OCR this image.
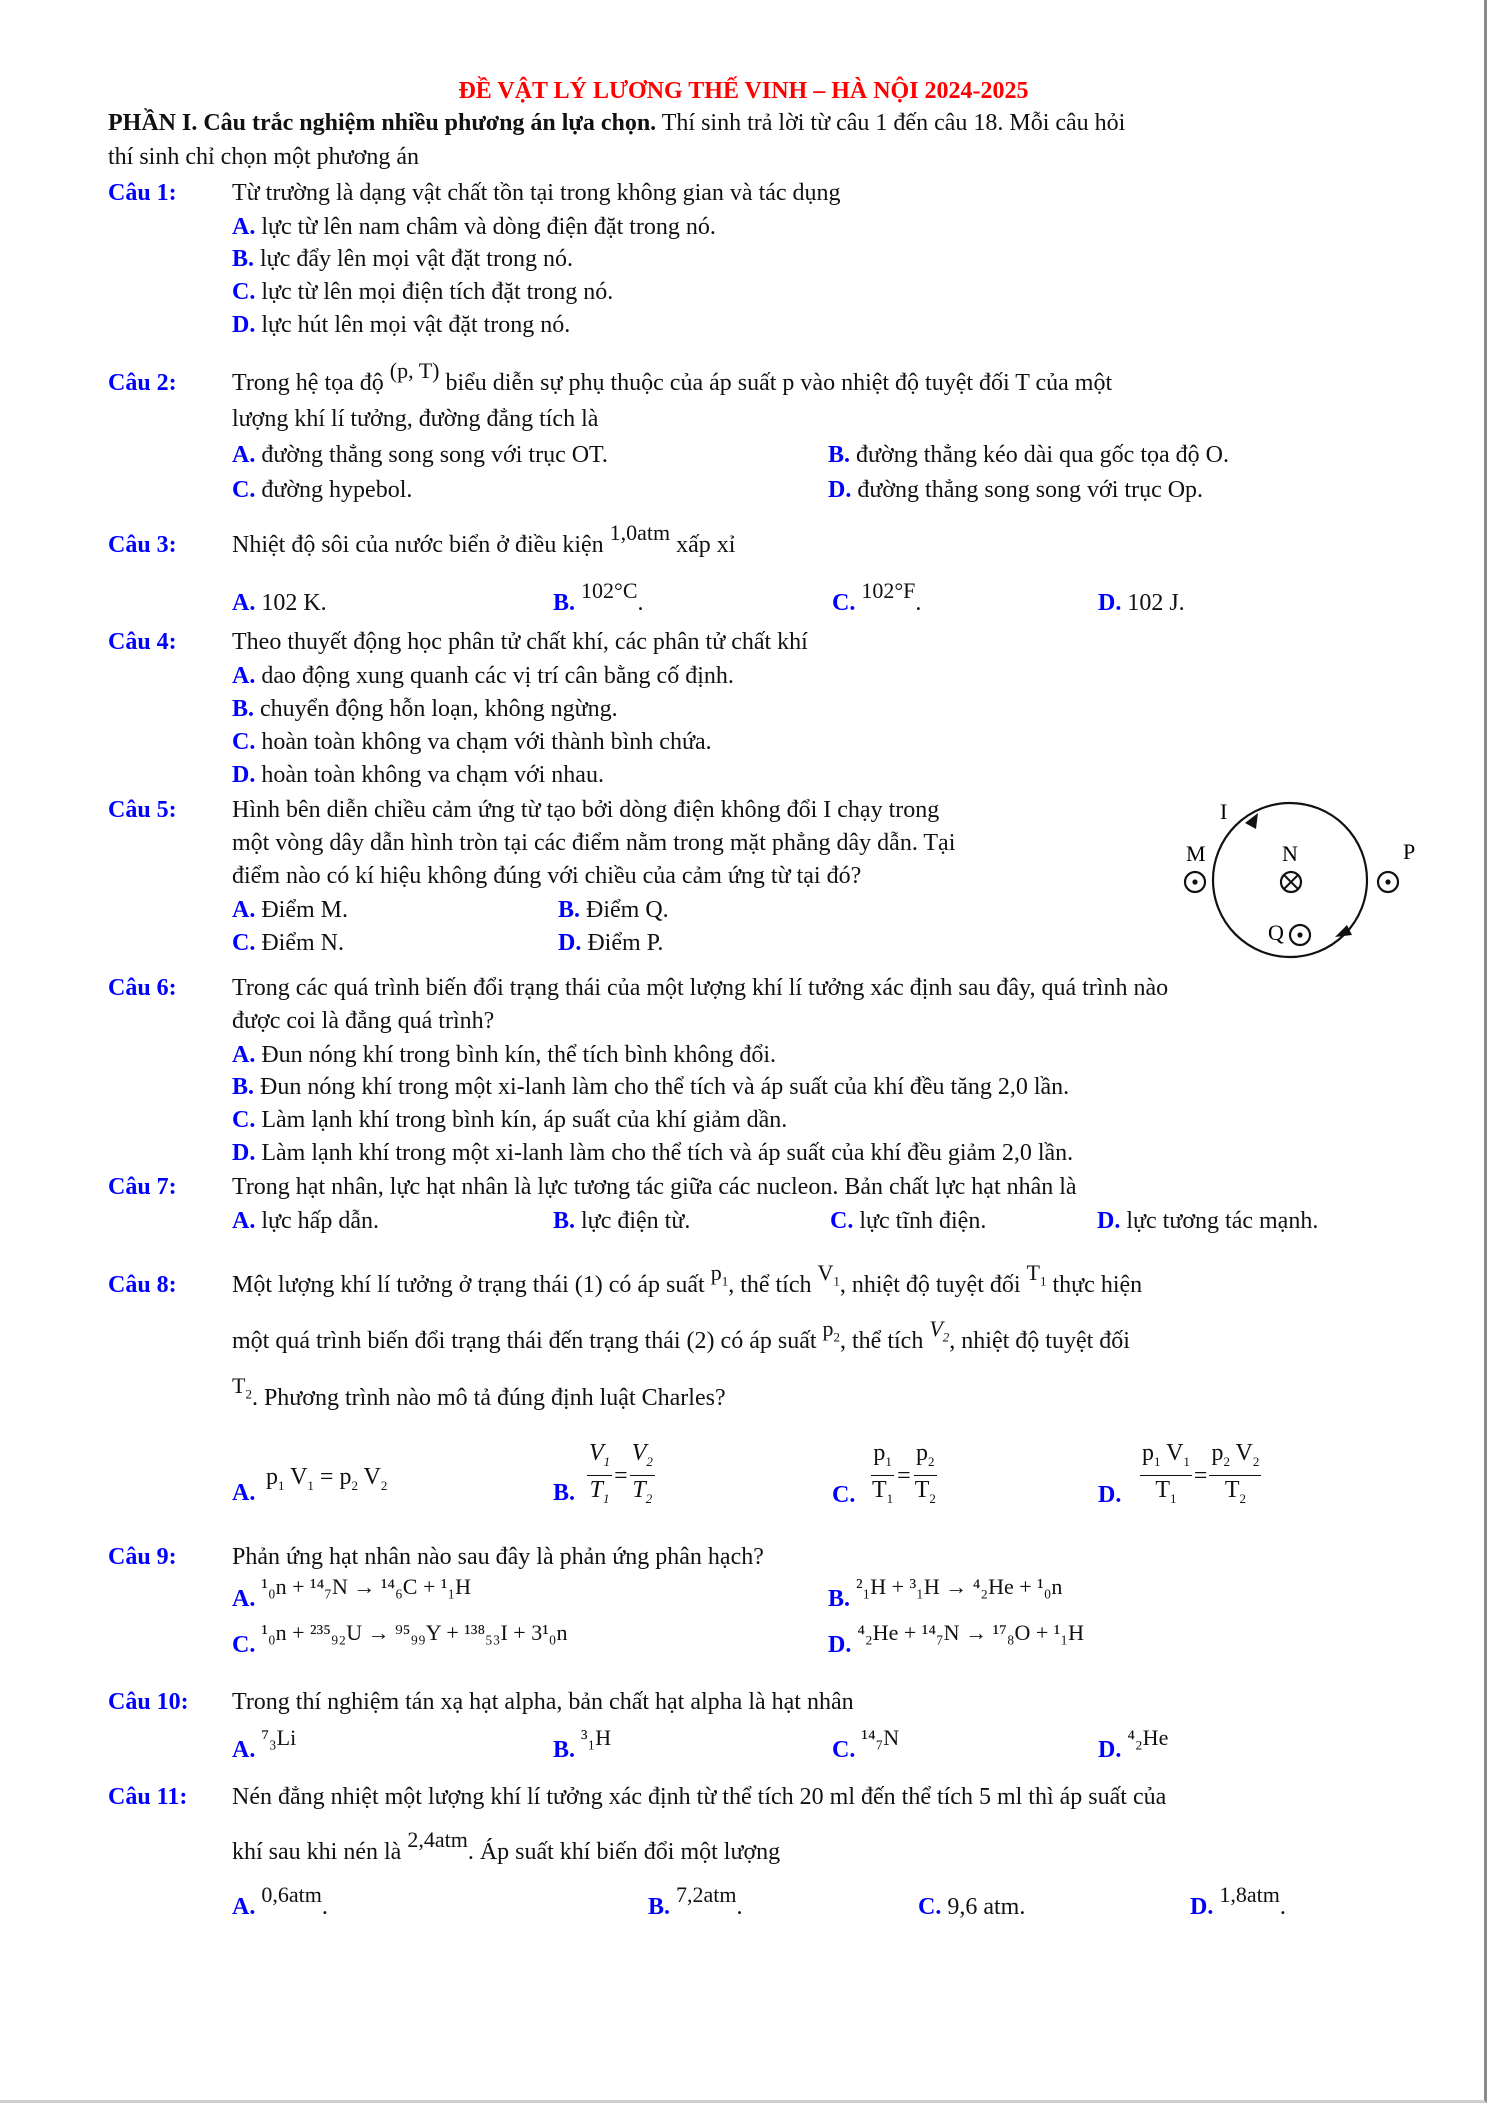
ĐỀ VẬT LÝ LƯƠNG THẾ VINH – HÀ NỘI 2024-2025
PHẦN I. Câu trắc nghiệm nhiều phương án lựa chọn. Thí sinh trả lời từ câu 1 đến câu 18. Mỗi câu hỏi
thí sinh chỉ chọn một phương án
Câu 1: Từ trường là dạng vật chất tồn tại trong không gian và tác dụng
A. lực từ lên nam châm và dòng điện đặt trong nó.
B. lực đẩy lên mọi vật đặt trong nó.
C. lực từ lên mọi điện tích đặt trong nó.
D. lực hút lên mọi vật đặt trong nó.
Câu 2: Trong hệ tọa độ (p, T) biểu diễn sự phụ thuộc của áp suất p vào nhiệt độ tuyệt đối T của một
lượng khí lí tưởng, đường đẳng tích là
A. đường thẳng song song với trục OT.	B. đường thẳng kéo dài qua gốc tọa độ O.
C. đường hypebol.	D. đường thẳng song song với trục Op.
Câu 3: Nhiệt độ sôi của nước biển ở điều kiện 1,0atm xấp xỉ
A. 102 K.	B. 102°C.	C. 102°F.	D. 102 J.
Câu 4: Theo thuyết động học phân tử chất khí, các phân tử chất khí
A. dao động xung quanh các vị trí cân bằng cố định.
B. chuyển động hỗn loạn, không ngừng.
C. hoàn toàn không va chạm với thành bình chứa.
D. hoàn toàn không va chạm với nhau.
Câu 5: Hình bên diễn chiều cảm ứng từ tạo bởi dòng điện không đổi I chạy trong
một vòng dây dẫn hình tròn tại các điểm nằm trong mặt phẳng dây dẫn. Tại
điểm nào có kí hiệu không đúng với chiều của cảm ứng từ tại đó?
A. Điểm M.	B. Điểm Q.
C. Điểm N.	D. Điểm P.
I
M	N	P
Q
Câu 6: Trong các quá trình biến đổi trạng thái của một lượng khí lí tưởng xác định sau đây, quá trình nào
được coi là đẳng quá trình?
A. Đun nóng khí trong bình kín, thể tích bình không đổi.
B. Đun nóng khí trong một xi-lanh làm cho thể tích và áp suất của khí đều tăng 2,0 lần.
C. Làm lạnh khí trong bình kín, áp suất của khí giảm dần.
D. Làm lạnh khí trong một xi-lanh làm cho thể tích và áp suất của khí đều giảm 2,0 lần.
Câu 7: Trong hạt nhân, lực hạt nhân là lực tương tác giữa các nucleon. Bản chất lực hạt nhân là
A. lực hấp dẫn.	B. lực điện từ.	C. lực tĩnh điện.	D. lực tương tác mạnh.
Câu 8: Một lượng khí lí tưởng ở trạng thái (1) có áp suất $p_1$, thể tích $V_1$, nhiệt độ tuyệt đối $T_1$ thực hiện
một quá trình biến đổi trạng thái đến trạng thái (2) có áp suất $p_2$, thể tích $V_2$, nhiệt độ tuyệt đối
$T_2$. Phương trình nào mô tả đúng định luật Charles?
A.
$p_1$ $V_1 = p_2$ $V_2$	B. $\frac{V_1}{T_1} = \frac{V_2}{T_2}$	C. $\frac{p_1}{T_1} = \frac{p_2}{T_2}$	D. $\frac{p_1 V_1}{T_1} = \frac{p_2 V_2}{T_2}$
Câu 9: Phản ứng hạt nhân nào sau đây là phản ứng phân hạch?
A. ¹₀n + ¹⁴₇N → ¹⁴₆C + ¹₁H	B. ²₁H + ³₁H → ⁴₂He + ¹₀n
C. ¹₀n + ²³⁵₉₂U → ⁹⁵₉₉Y + ¹³⁸₅₃I + 3¹₀n	D. ⁴₂He + ¹⁴₇N → ¹⁷₈O + ¹₁H
Câu 10: Trong thí nghiệm tán xạ hạt alpha, bản chất hạt alpha là hạt nhân
A. ⁷₃Li	B. ³₁H	C. ¹⁴₇N	D. ⁴₂He
Câu 11: Nén đẳng nhiệt một lượng khí lí tưởng xác định từ thể tích 20 ml đến thể tích 5 ml thì áp suất của
khí sau khi nén là 2,4atm. Áp suất khí biến đổi một lượng
A. 0,6atm.	B. 7,2atm.	C. 9,6 atm.	D. 1,8atm.
